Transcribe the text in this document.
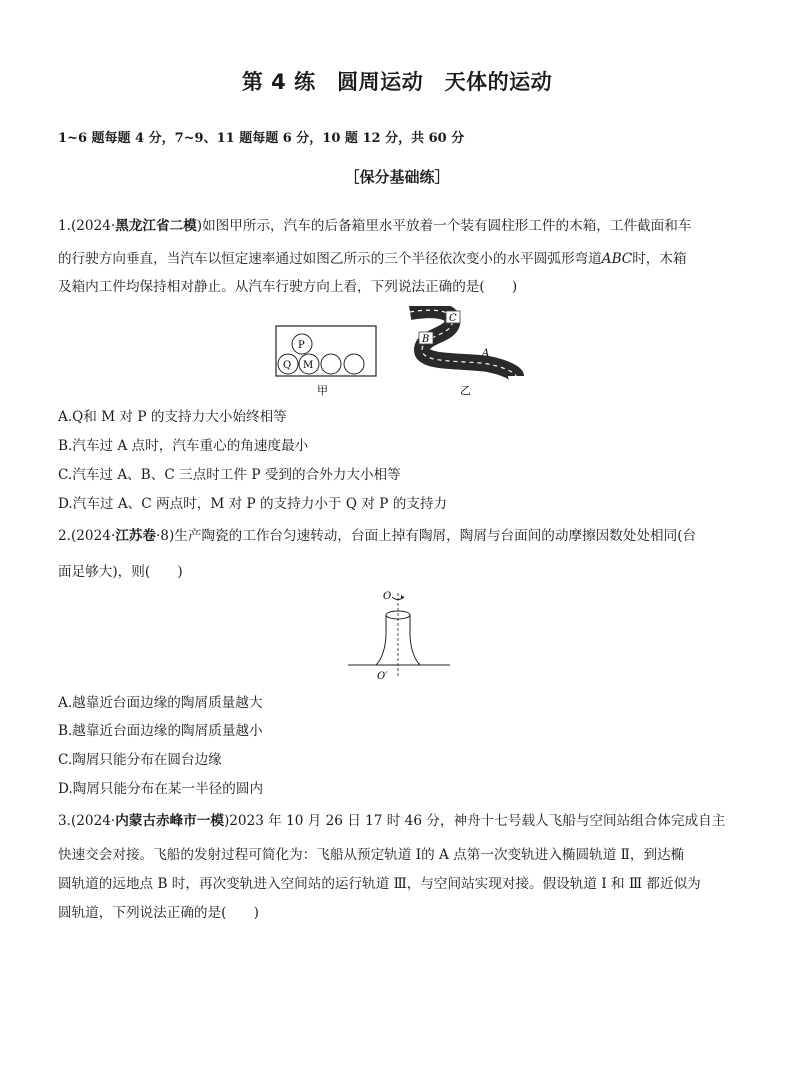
第 4 练　圆周运动　天体的运动
1~6 题每题 4 分，7~9、11 题每题 6 分，10 题 12 分，共 60 分
［保分基础练］
1.(2024·黑龙江省二模)如图甲所示，汽车的后备箱里水平放着一个装有圆柱形工件的木箱，工件截面和车
的行驶方向垂直，当汽车以恒定速率通过如图乙所示的三个半径依次变小的水平圆弧形弯道ABC时，木箱
及箱内工件均保持相对静止。从汽车行驶方向上看，下列说法正确的是(　　)
P
Q M
甲
C
B
A
乙
A.Q和 M 对 P 的支持力大小始终相等
B.汽车过 A 点时，汽车重心的角速度最小
C.汽车过 A、B、C 三点时工件 P 受到的合外力大小相等
D.汽车过 A、C 两点时，M 对 P 的支持力小于 Q 对 P 的支持力
2.(2024·江苏卷·8)生产陶瓷的工作台匀速转动，台面上掉有陶屑，陶屑与台面间的动摩擦因数处处相同(台
面足够大)，则(　　)
O
O′
A.越靠近台面边缘的陶屑质量越大
B.越靠近台面边缘的陶屑质量越小
C.陶屑只能分布在圆台边缘
D.陶屑只能分布在某一半径的圆内
3.(2024·内蒙古赤峰市一模)2023 年 10 月 26 日 17 时 46 分，神舟十七号载人飞船与空间站组合体完成自主
快速交会对接。飞船的发射过程可简化为：飞船从预定轨道 Ⅰ的 A 点第一次变轨进入椭圆轨道 Ⅱ，到达椭
圆轨道的远地点 B 时，再次变轨进入空间站的运行轨道 Ⅲ，与空间站实现对接。假设轨道 Ⅰ 和 Ⅲ 都近似为
圆轨道，下列说法正确的是(　　)
